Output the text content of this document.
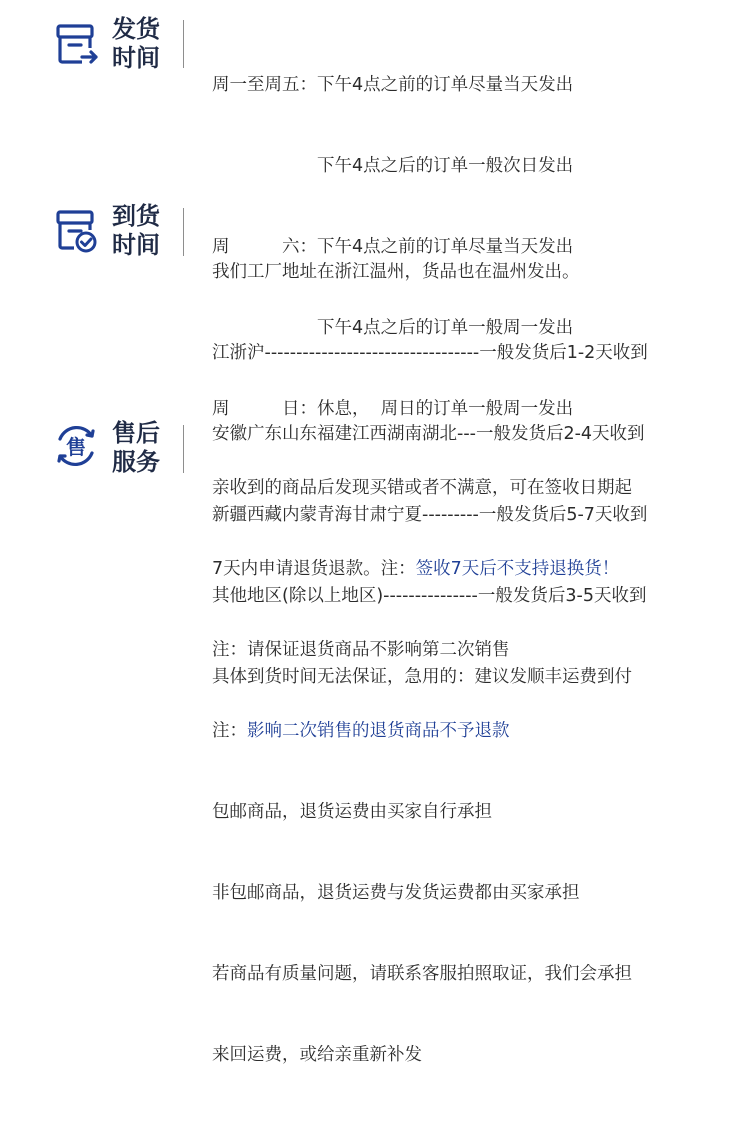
发货
时间

周一至周五：下午4点之前的订单尽量当天发出

　　　　　　下午4点之后的订单一般次日发出

周　　　六：下午4点之前的订单尽量当天发出

　　　　　　下午4点之后的订单一般周一发出

周　　　日：休息，  周日的订单一般周一发出

到货
时间

我们工厂地址在浙江温州，货品也在温州发出。

江浙沪----------------------------------一般发货后1-2天收到

安徽广东山东福建江西湖南湖北---一般发货后2-4天收到

新疆西藏内蒙青海甘肃宁夏---------一般发货后5-7天收到

其他地区(除以上地区)---------------一般发货后3-5天收到

具体到货时间无法保证，急用的：建议发顺丰运费到付

售 售后
服务

亲收到的商品后发现买错或者不满意，可在签收日期起

7天内申请退货退款。注：签收7天后不支持退换货！

注：请保证退货商品不影响第二次销售

注：影响二次销售的退货商品不予退款

包邮商品，退货运费由买家自行承担

非包邮商品，退货运费与发货运费都由买家承担

若商品有质量问题，请联系客服拍照取证，我们会承担

来回运费，或给亲重新补发
